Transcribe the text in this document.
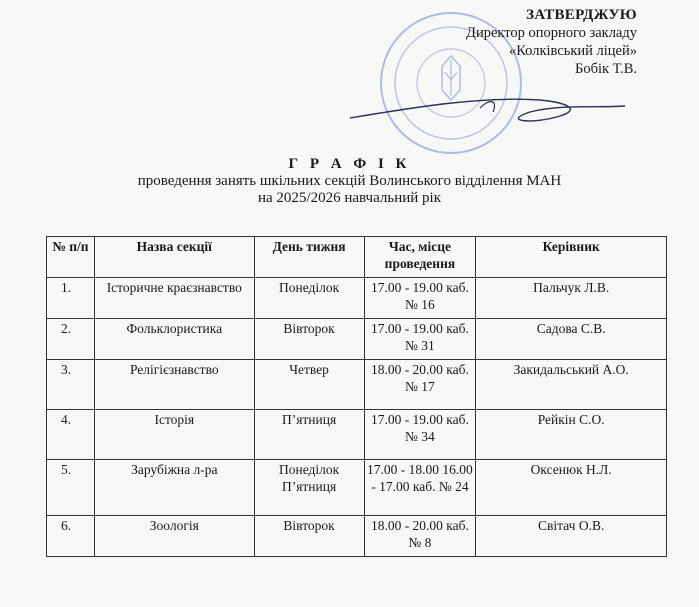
ЗАТВЕРДЖУЮ
Директор опорного закладу
«Колківський ліцей»
Бобік Т.В.
Г Р А Ф І К
проведення занять шкільних секцій Волинського відділення МАН
на 2025/2026 навчальний рік
№ п/п	Назва секції	День тижня	Час, місце проведення	Керівник
1.	Історичне краєзнавство	Понеділок	17.00 - 19.00 каб. № 16	Пальчук Л.В.
2.	Фольклористика	Вівторок	17.00 - 19.00 каб. № 31	Садова С.В.
3.	Релігієзнавство	Четвер	18.00 - 20.00 каб. № 17	Закидальський А.О.
4.	Історія	П’ятниця	17.00 - 19.00 каб. № 34	Рейкін С.О.
5.	Зарубіжна л-ра	Понеділок П’ятниця	17.00 - 18.00 16.00 - 17.00 каб. № 24	Оксенюк Н.Л.
6.	Зоологія	Вівторок	18.00 - 20.00 каб. № 8	Світач О.В.
